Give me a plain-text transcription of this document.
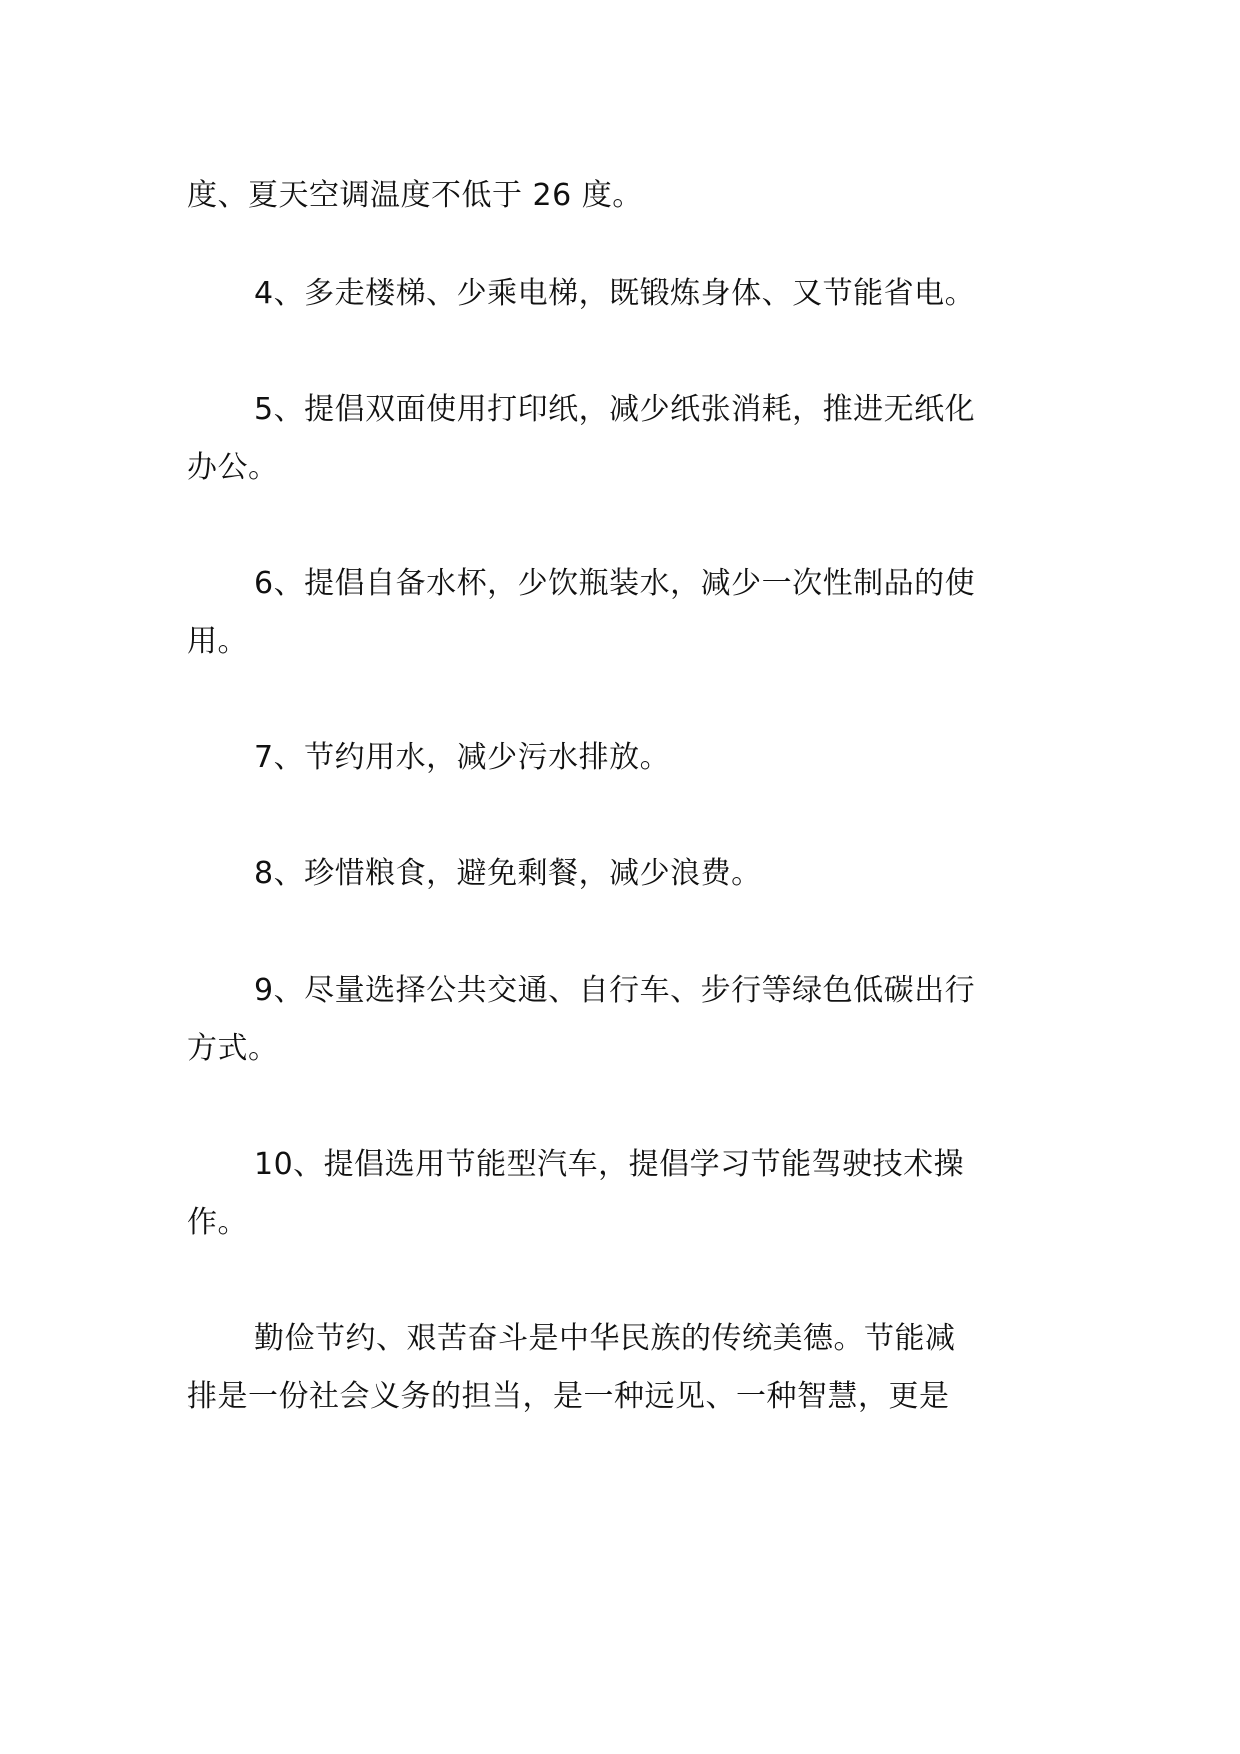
度、夏天空调温度不低于 26 度。
4、多走楼梯、少乘电梯，既锻炼身体、又节能省电。
5、提倡双面使用打印纸，减少纸张消耗，推进无纸化
办公。
6、提倡自备水杯，少饮瓶装水，减少一次性制品的使
用。
7、节约用水，减少污水排放。
8、珍惜粮食，避免剩餐，减少浪费。
9、尽量选择公共交通、自行车、步行等绿色低碳出行
方式。
10、提倡选用节能型汽车，提倡学习节能驾驶技术操
作。
勤俭节约、艰苦奋斗是中华民族的传统美德。节能减
排是一份社会义务的担当，是一种远见、一种智慧，更是
